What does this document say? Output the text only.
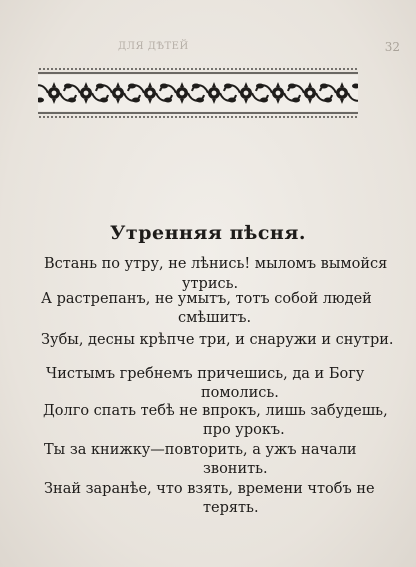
ДЛЯ ДѢТЕЙ	32
Утренняя пѣсня.
Встань по утру, не лѣнись! мыломъ вымойся
утрись.
А растрепанъ, не умытъ, тотъ собой людей
смѣшитъ.
Зубы, десны крѣпче три, и снаружи и снутри.
Чистымъ гребнемъ причешись, да и Богу
помолись.
Долго спать тебѣ не впрокъ, лишь забудешь,
про урокъ.
Ты за книжку—повторить, а ужъ начали
звонить.
Знай заранѣе, что взять, времени чтобъ не
терять.
